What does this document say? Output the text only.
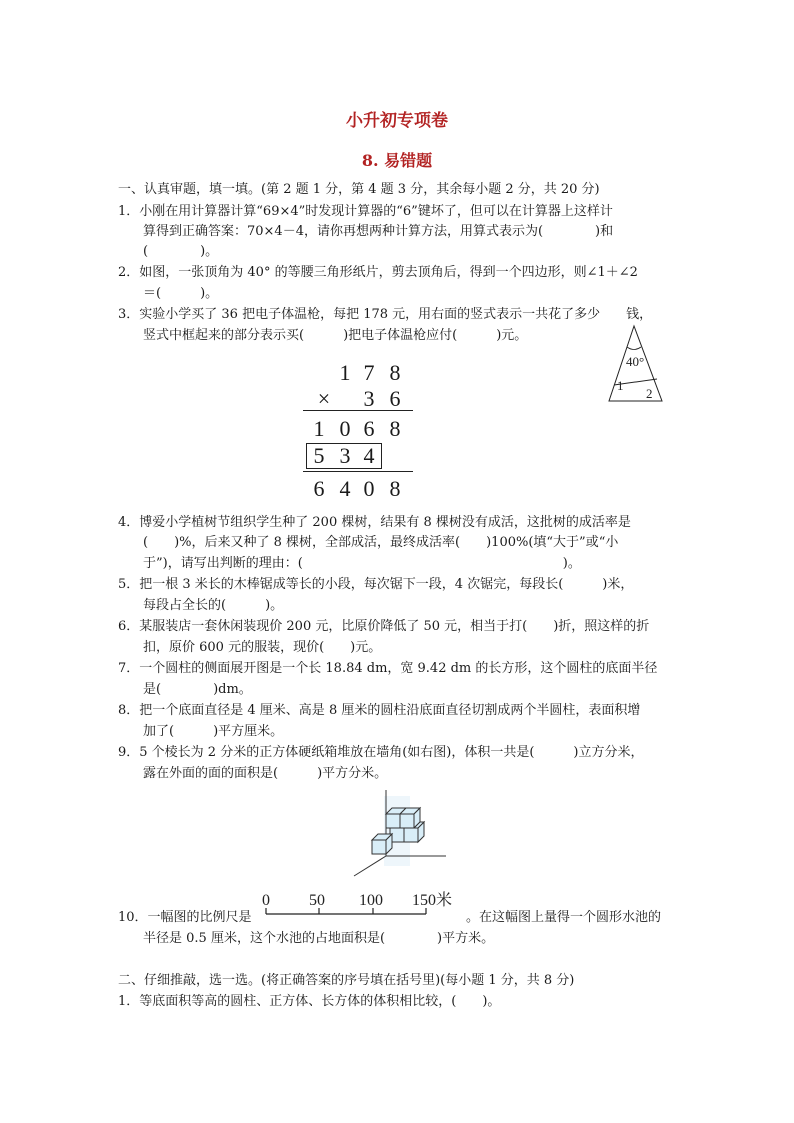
小升初专项卷
8. 易错题
一、认真审题，填一填。(第 2 题 1 分，第 4 题 3 分，其余每小题 2 分，共 20 分)
1．小刚在用计算器计算“69×4”时发现计算器的“6”键坏了，但可以在计算器上这样计
算得到正确答案：70×4－4，请你再想两种计算方法，用算式表示为(　　　　)和
(　　　　)。
2．如图，一张顶角为 40° 的等腰三角形纸片，剪去顶角后，得到一个四边形，则∠1＋∠2
＝(　　　)。
3．实验小学买了 36 把电子体温枪，每把 178 元，用右面的竖式表示一共花了多少　　钱，
竖式中框起来的部分表示买(　　　)把电子体温枪应付(　　　)元。
40°
1
2
1 7 8
× 3 6
1 0 6 8
5 3 4
6 4 0 8
4．博爱小学植树节组织学生种了 200 棵树，结果有 8 棵树没有成活，这批树的成活率是
(　　)%，后来又种了 8 棵树，全部成活，最终成活率(　　)100%(填“大于”或“小
于”)，请写出判断的理由：(　　　　　　　　　　　　　　　　　　　　)。
5．把一根 3 米长的木棒锯成等长的小段，每次锯下一段，4 次锯完，每段长(　　　)米，
每段占全长的(　　　)。
6．某服装店一套休闲装现价 200 元，比原价降低了 50 元，相当于打(　　)折，照这样的折
扣，原价 600 元的服装，现价(　　)元。
7．一个圆柱的侧面展开图是一个长 18.84 dm，宽 9.42 dm 的长方形，这个圆柱的底面半径
是(　　　　)dm。
8．把一个底面直径是 4 厘米、高是 8 厘米的圆柱沿底面直径切割成两个半圆柱，表面积增
加了(　　　)平方厘米。
9．5 个棱长为 2 分米的正方体硬纸箱堆放在墙角(如右图)，体积一共是(　　　)立方分米，
露在外面的面的面积是(　　　)平方分米。
10．一幅图的比例尺是
0 50 100 150米
。在这幅图上量得一个圆形水池的
半径是 0.5 厘米，这个水池的占地面积是(　　　　)平方米。
二、仔细推敲，选一选。(将正确答案的序号填在括号里)(每小题 1 分，共 8 分)
1．等底面积等高的圆柱、正方体、长方体的体积相比较，(　　)。
